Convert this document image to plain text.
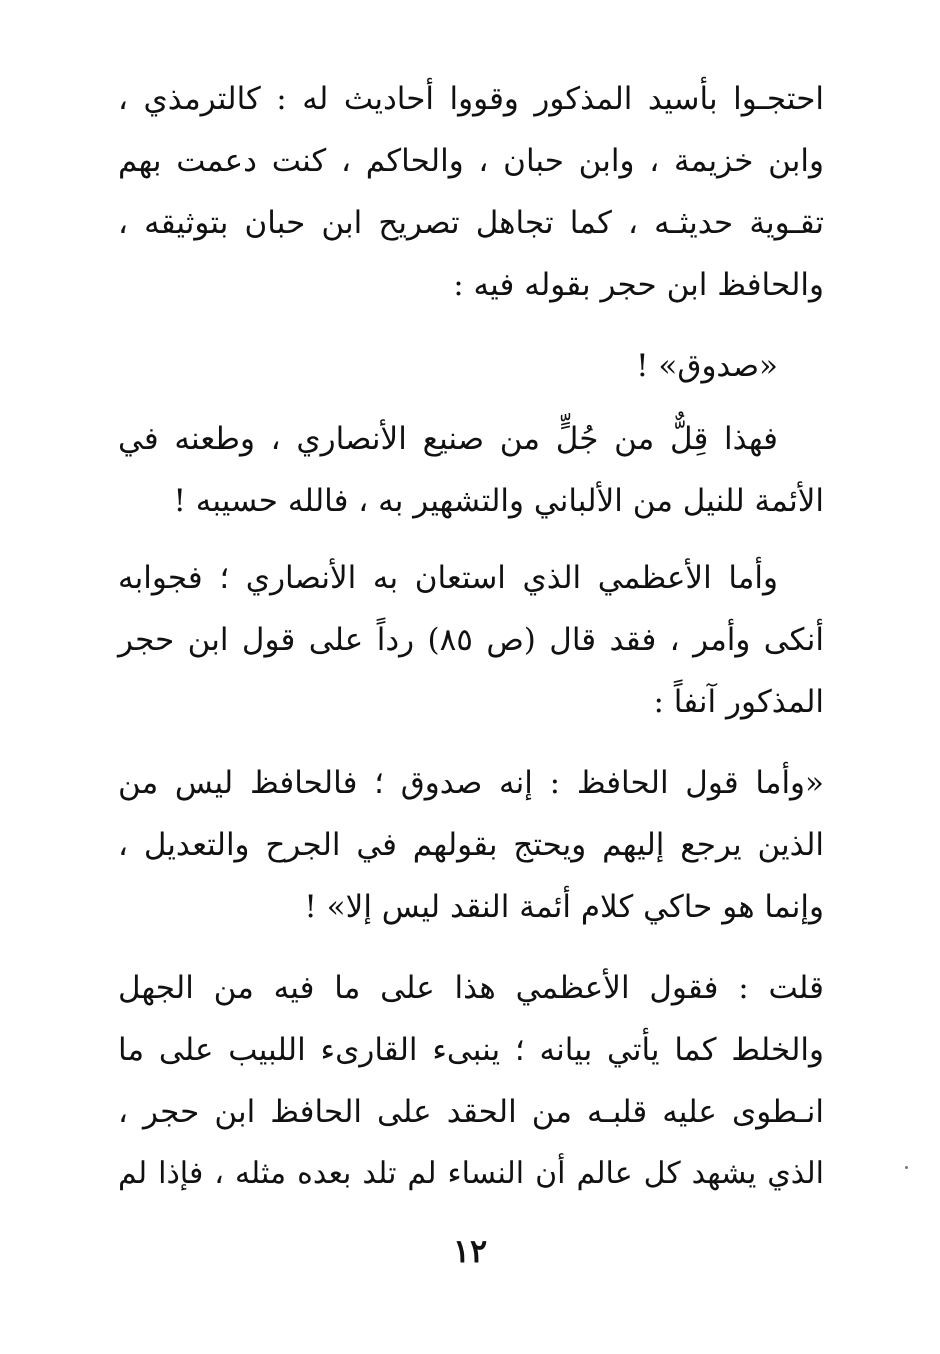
احتجـوا بأسيد المذكور وقووا أحاديث له : كالترمذي ،
وابن خزيمة ، وابن حبان ، والحاكم ، كنت دعمت بهم
تقـوية حديثـه ، كما تجاهل تصريح ابن حبان بتوثيقه ،
والحافظ ابن حجر بقوله فيه :
«صدوق» !
فهذا قِلٌّ من جُلٍّ من صنيع الأنصاري ، وطعنه في
الأئمة للنيل من الألباني والتشهير به ، فالله حسيبه !
وأما الأعظمي الذي استعان به الأنصاري ؛ فجوابه
أنكى وأمر ، فقد قال (ص ٨٥) رداً على قول ابن حجر
المذكور آنفاً :
«وأما قول الحافظ : إنه صدوق ؛ فالحافظ ليس من
الذين يرجع إليهم ويحتج بقولهم في الجرح والتعديل ،
وإنما هو حاكي كلام أئمة النقد ليس إلا» !
قلت : فقول الأعظمي هذا على ما فيه من الجهل
والخلط كما يأتي بيانه ؛ ينبىء القارىء اللبيب على ما
انـطوى عليه قلبـه من الحقد على الحافظ ابن حجر ،
الذي يشهد كل عالم أن النساء لم تلد بعده مثله ، فإذا لم
١٢
